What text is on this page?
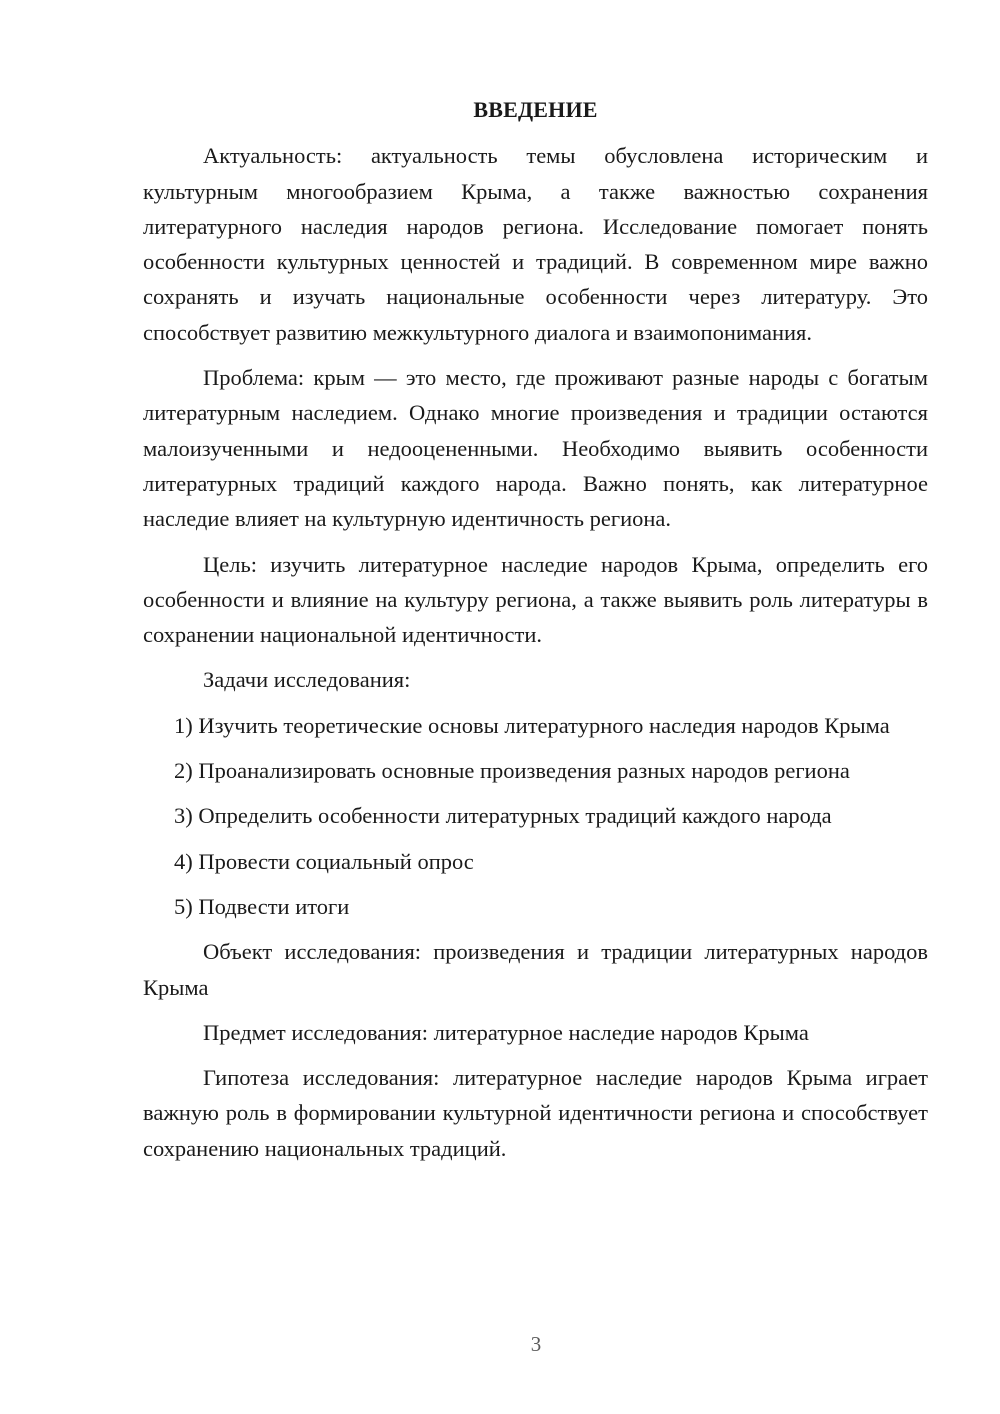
ВВЕДЕНИЕ

Актуальность: актуальность темы обусловлена историческим и культурным многообразием Крыма, а также важностью сохранения литературного наследия народов региона. Исследование помогает понять особенности культурных ценностей и традиций. В современном мире важно сохранять и изучать национальные особенности через литературу. Это способствует развитию межкультурного диалога и взаимопонимания.

Проблема: крым — это место, где проживают разные народы с богатым литературным наследием. Однако многие произведения и традиции остаются малоизученными и недооцененными. Необходимо выявить особенности литературных традиций каждого народа. Важно понять, как литературное наследие влияет на культурную идентичность региона.

Цель: изучить литературное наследие народов Крыма, определить его особенности и влияние на культуру региона, а также выявить роль литературы в сохранении национальной идентичности.

Задачи исследования:

1) Изучить теоретические основы литературного наследия народов Крыма
2) Проанализировать основные произведения разных народов региона
3) Определить особенности литературных традиций каждого народа
4) Провести социальный опрос
5) Подвести итоги

Объект исследования: произведения и традиции литературных народов Крыма

Предмет исследования: литературное наследие народов Крыма

Гипотеза исследования: литературное наследие народов Крыма играет важную роль в формировании культурной идентичности региона и способствует сохранению национальных традиций.

3
